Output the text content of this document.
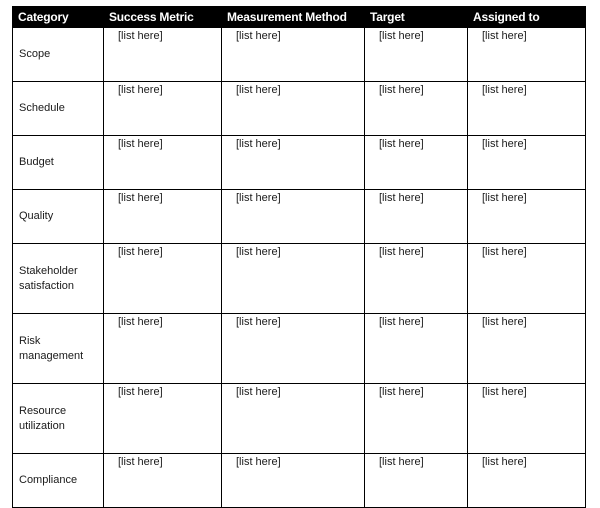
Category	Success Metric	Measurement Method	Target	Assigned to
Scope	[list here]	[list here]	[list here]	[list here]
Schedule	[list here]	[list here]	[list here]	[list here]
Budget	[list here]	[list here]	[list here]	[list here]
Quality	[list here]	[list here]	[list here]	[list here]
Stakeholder satisfaction	[list here]	[list here]	[list here]	[list here]
Risk management	[list here]	[list here]	[list here]	[list here]
Resource utilization	[list here]	[list here]	[list here]	[list here]
Compliance	[list here]	[list here]	[list here]	[list here]
